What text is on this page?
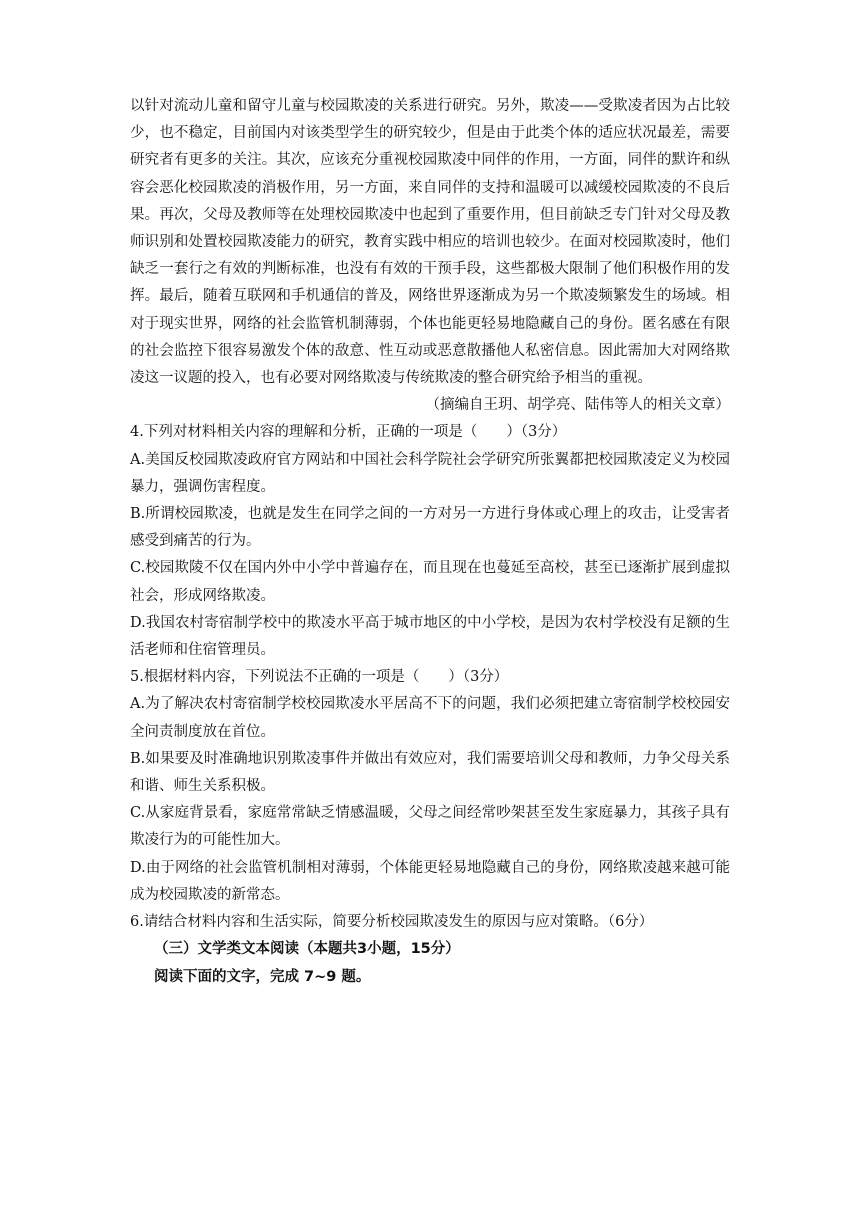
以针对流动儿童和留守儿童与校园欺凌的关系进行研究。另外，欺凌——受欺凌者因为占比较少，也不稳定，目前国内对该类型学生的研究较少，但是由于此类个体的适应状况最差，需要研究者有更多的关注。其次，应该充分重视校园欺凌中同伴的作用，一方面，同伴的默许和纵容会恶化校园欺凌的消极作用，另一方面，来自同伴的支持和温暖可以减缓校园欺凌的不良后果。再次，父母及教师等在处理校园欺凌中也起到了重要作用，但目前缺乏专门针对父母及教师识别和处置校园欺凌能力的研究，教育实践中相应的培训也较少。在面对校园欺凌时，他们缺乏一套行之有效的判断标准，也没有有效的干预手段，这些都极大限制了他们积极作用的发挥。最后，随着互联网和手机通信的普及，网络世界逐渐成为另一个欺凌频繁发生的场域。相对于现实世界，网络的社会监管机制薄弱，个体也能更轻易地隐藏自己的身份。匿名感在有限的社会监控下很容易激发个体的敌意、性互动或恶意散播他人私密信息。因此需加大对网络欺凌这一议题的投入，也有必要对网络欺凌与传统欺凌的整合研究给予相当的重视。

（摘编自王玥、胡学亮、陆伟等人的相关文章）

4.下列对材料相关内容的理解和分析，正确的一项是（　　）（3分）

A.美国反校园欺凌政府官方网站和中国社会科学院社会学研究所张翼都把校园欺凌定义为校园暴力，强调伤害程度。

B.所谓校园欺凌，也就是发生在同学之间的一方对另一方进行身体或心理上的攻击，让受害者感受到痛苦的行为。

C.校园欺陵不仅在国内外中小学中普遍存在，而且现在也蔓延至高校，甚至已逐渐扩展到虚拟社会，形成网络欺凌。

D.我国农村寄宿制学校中的欺凌水平高于城市地区的中小学校，是因为农村学校没有足额的生活老师和住宿管理员。

5.根据材料内容，下列说法不正确的一项是（　　）（3分）

A.为了解决农村寄宿制学校校园欺凌水平居高不下的问题，我们必须把建立寄宿制学校校园安全问责制度放在首位。

B.如果要及时准确地识别欺凌事件并做出有效应对，我们需要培训父母和教师，力争父母关系和谐、师生关系积极。

C.从家庭背景看，家庭常常缺乏情感温暖，父母之间经常吵架甚至发生家庭暴力，其孩子具有欺凌行为的可能性加大。

D.由于网络的社会监管机制相对薄弱，个体能更轻易地隐藏自己的身份，网络欺凌越来越可能成为校园欺凌的新常态。

6.请结合材料内容和生活实际，简要分析校园欺凌发生的原因与应对策略。（6分）

（三）文学类文本阅读（本题共3小题，15分）

阅读下面的文字，完成 7~9 题。
